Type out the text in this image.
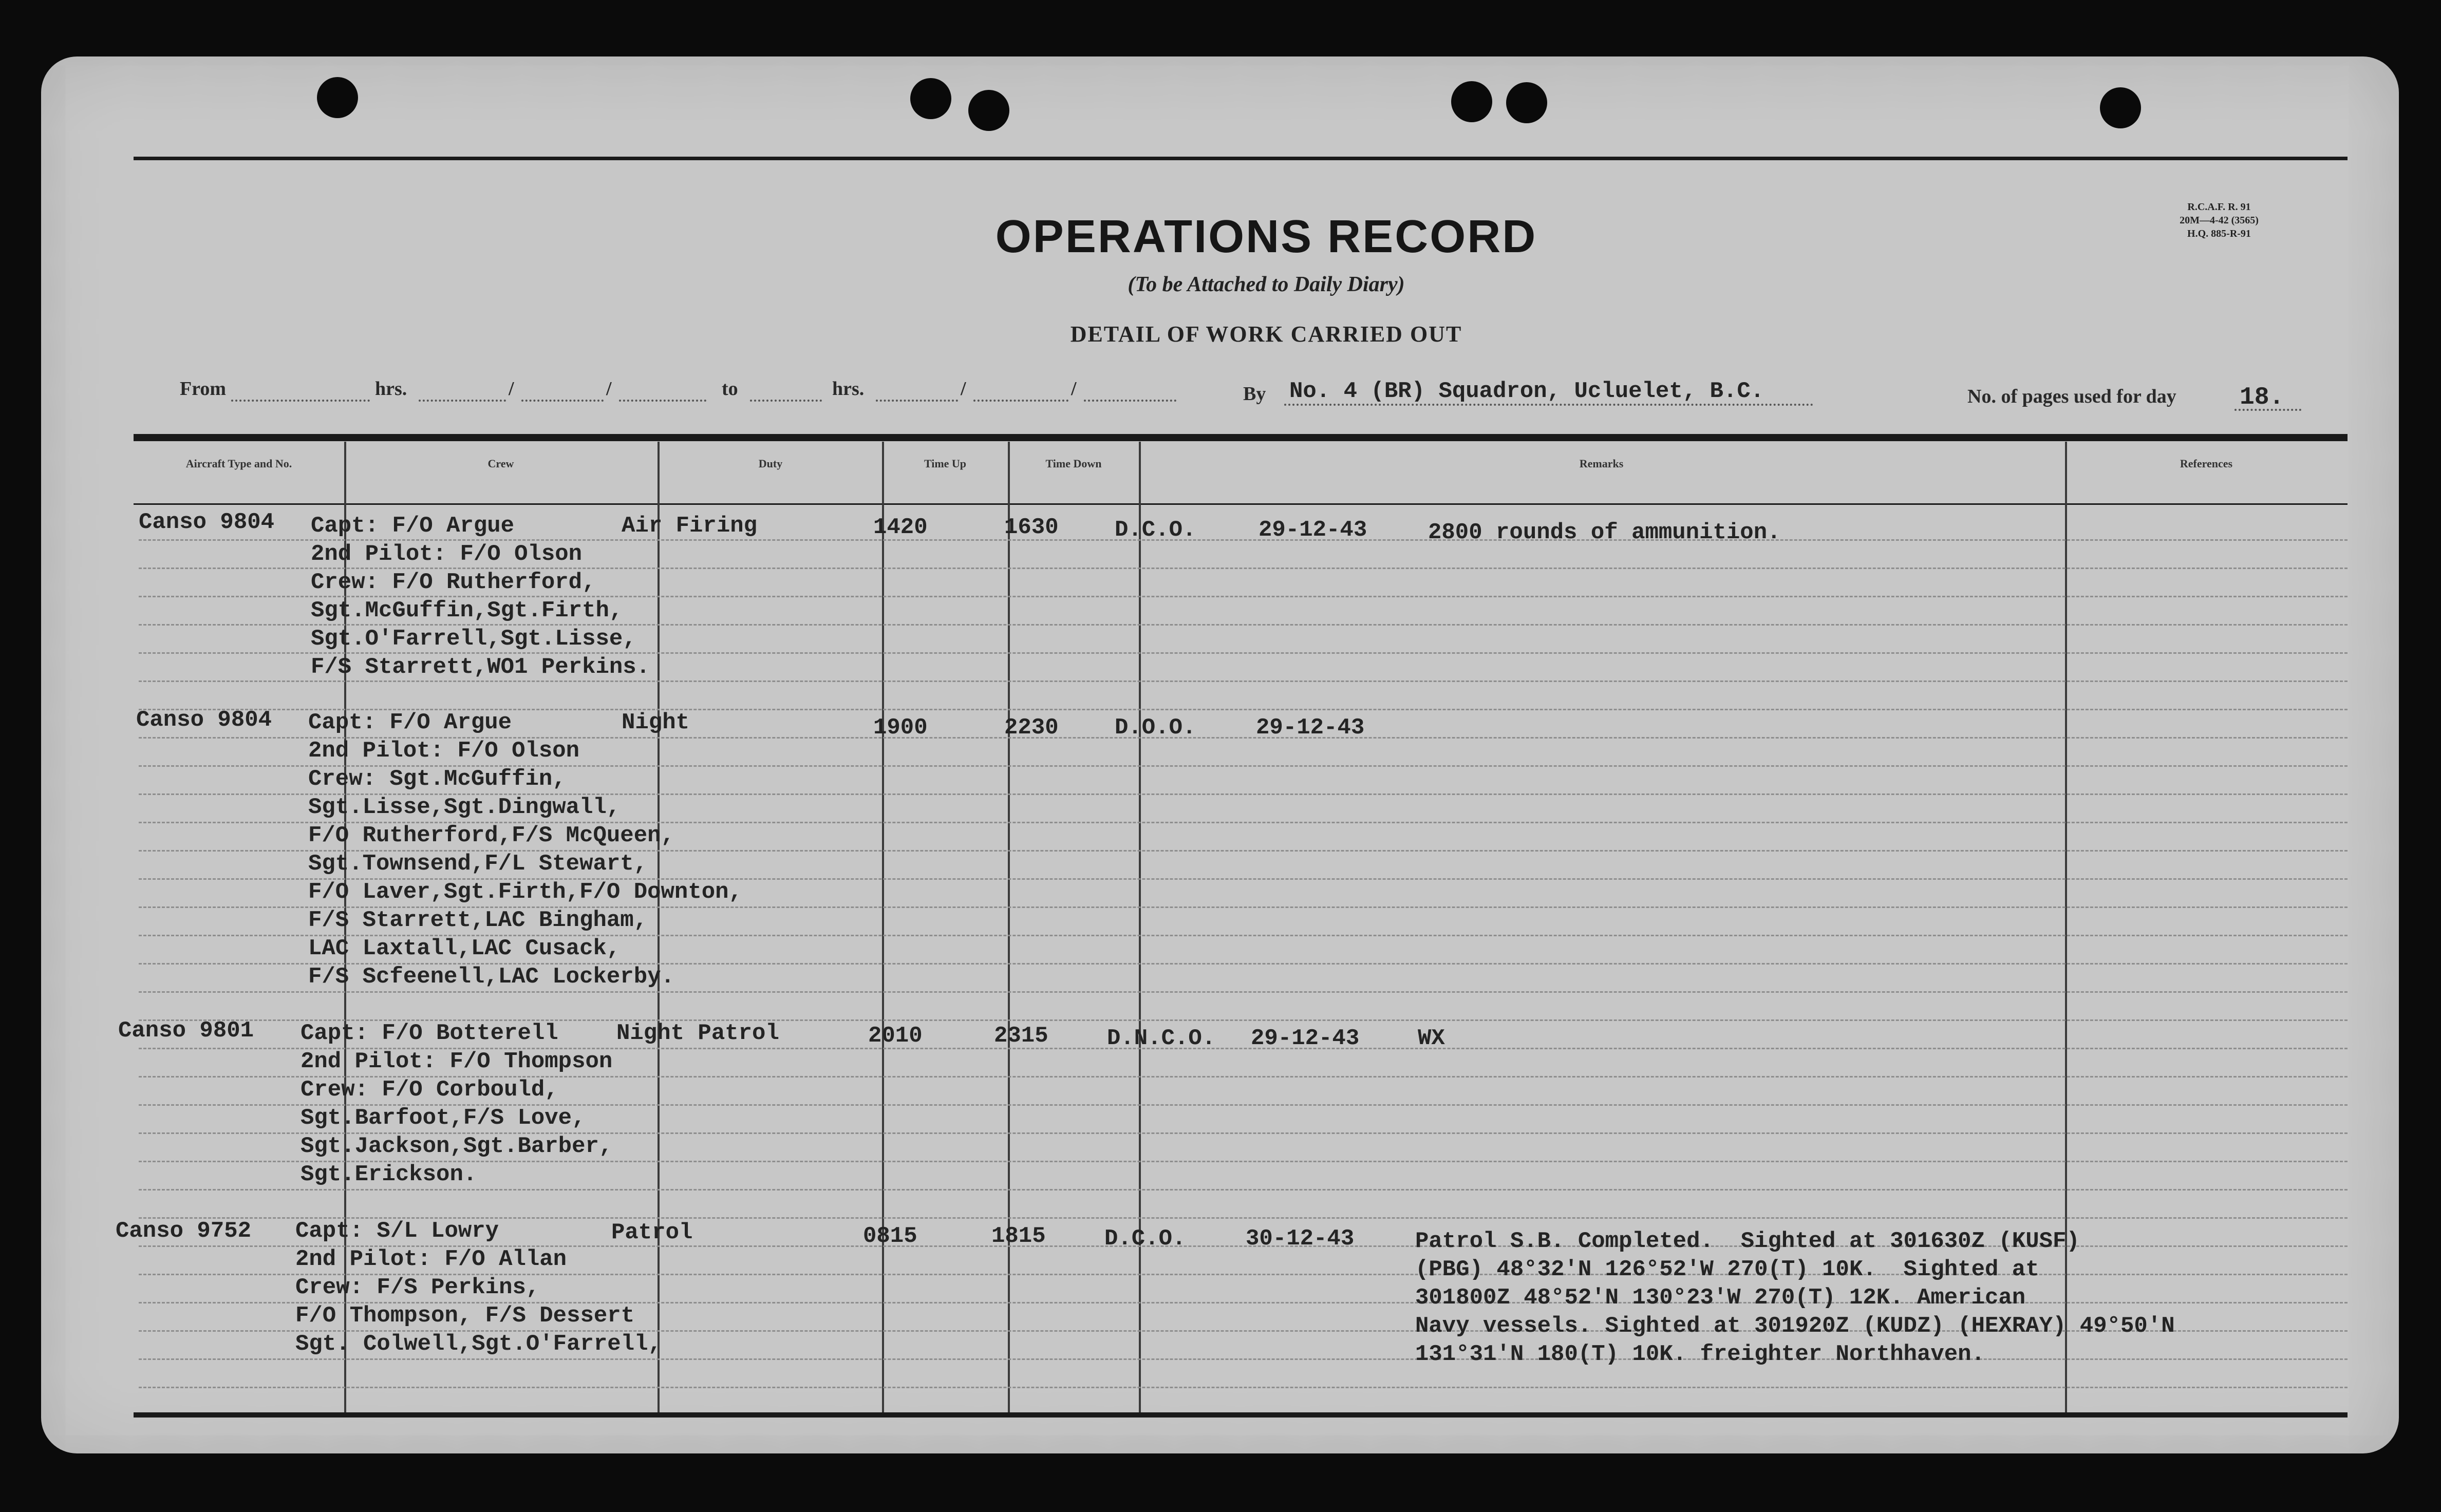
OPERATIONS RECORD
(To be Attached to Daily Diary)
DETAIL OF WORK CARRIED OUT
R.C.A.F. R. 91
20M—4-42 (3565)
H.Q. 885-R-91
From	hrs.	/	/	to	hrs.	/	/	By No. 4 (BR) Squadron, Ucluelet, B.C.	No. of pages used for day	18.
Aircraft Type and No.	Crew	Duty	Time Up	Time Down	Remarks	References
Canso 9804 Capt: F/O Argue
2nd Pilot: F/O Olson
Crew: F/O Rutherford,
Sgt.McGuffin,Sgt.Firth,
Sgt.O'Farrell,Sgt.Lisse,
F/S Starrett,WO1 Perkins.
Air Firing	1420	1630 D.C.O.	29-12-43	2800 rounds of ammunition.
Canso 9804 Capt: F/O Argue
2nd Pilot: F/O Olson
Crew: Sgt.McGuffin,
Sgt.Lisse,Sgt.Dingwall,
F/O Rutherford,F/S McQueen,
Sgt.Townsend,F/L Stewart,
F/O Laver,Sgt.Firth,F/O Downton,
F/S Starrett,LAC Bingham,
LAC Laxtall,LAC Cusack,
F/S Scfeenell,LAC Lockerby.
Night	1900	2230 D.O.O.	29-12-43
Canso 9801 Capt: F/O Botterell
2nd Pilot: F/O Thompson
Crew: F/O Corbould,
Sgt.Barfoot,F/S Love,
Sgt.Jackson,Sgt.Barber,
Sgt.Erickson.
Night Patrol	2010	2315	D.N.C.O. 29-12-43	WX
Canso 9752 Capt: S/L Lowry
2nd Pilot: F/O Allan
Crew: F/S Perkins,
F/O Thompson, F/S Dessert
Sgt. Colwell,Sgt.O'Farrell,
Patrol	0815	1815	D.C.O.	30-12-43	Patrol S.B. Completed.  Sighted at 301630Z (KUSF)
(PBG) 48°32'N 126°52'W 270(T) 10K.  Sighted at
301800Z 48°52'N 130°23'W 270(T) 12K. American
Navy vessels. Sighted at 301920Z (KUDZ) (HEXRAY) 49°50'N
131°31'N 180(T) 10K. freighter Northhaven.
